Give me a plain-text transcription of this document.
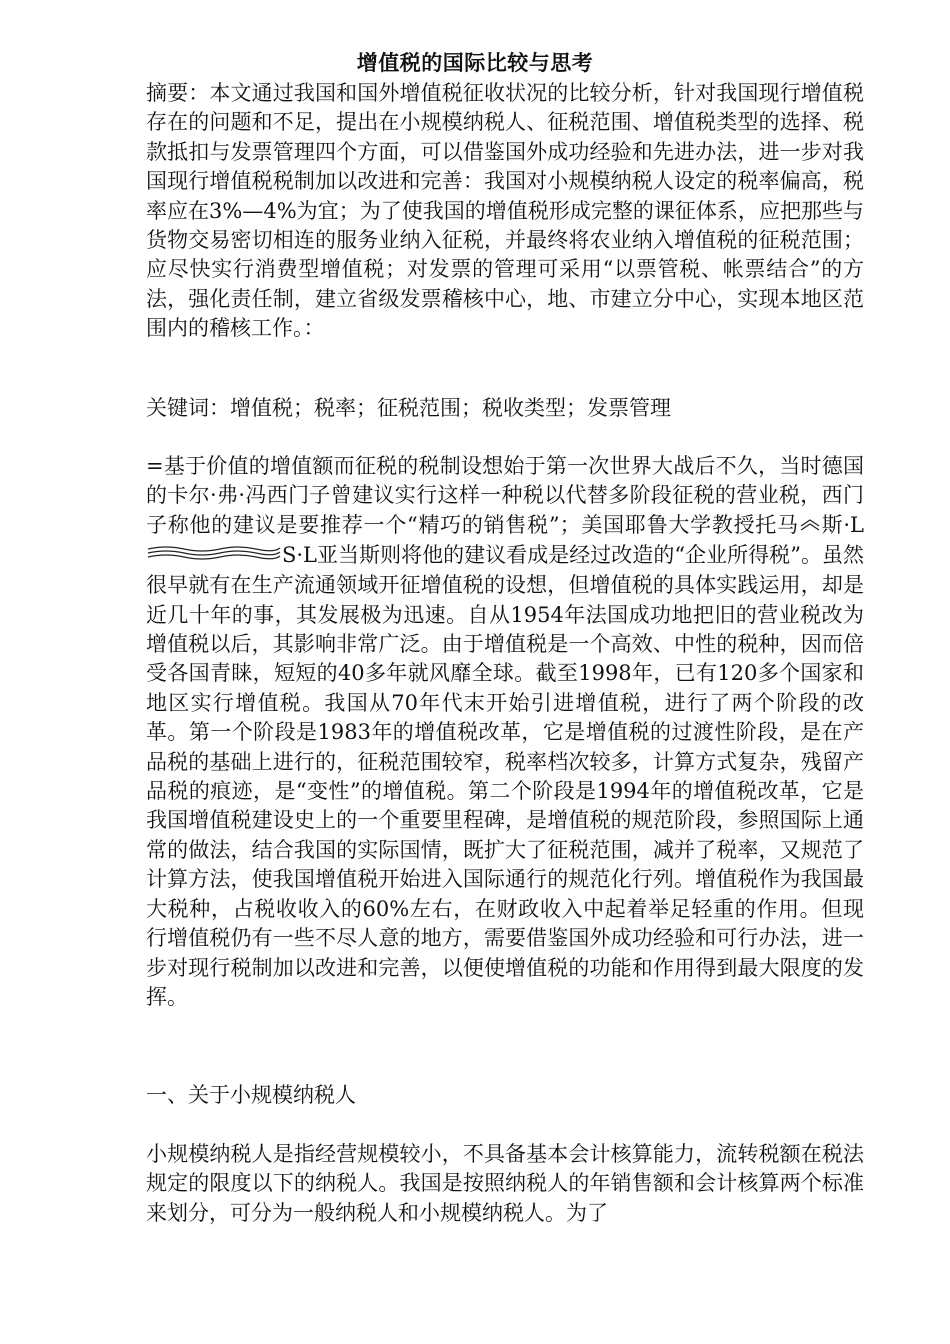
增值税的国际比较与思考

摘要：本文通过我国和国外增值税征收状况的比较分析，针对我国现行增值税存在的问题和不足，提出在小规模纳税人、征税范围、增值税类型的选择、税款抵扣与发票管理四个方面，可以借鉴国外成功经验和先进办法，进一步对我国现行增值税税制加以改进和完善：我国对小规模纳税人设定的税率偏高，税率应在3%—4%为宜；为了使我国的增值税形成完整的课征体系，应把那些与货物交易密切相连的服务业纳入征税，并最终将农业纳入增值税的征税范围；应尽快实行消费型增值税；对发票的管理可采用“以票管税、帐票结合”的方法，强化责任制，建立省级发票稽核中心，地、市建立分中心，实现本地区范围内的稽核工作。：

关键词：增值税；税率；征税范围；税收类型；发票管理

=基于价值的增值额而征税的税制设想始于第一次世界大战后不久，当时德国的卡尔·弗·冯西门子曾建议实行这样一种税以代替多阶段征税的营业税，西门子称他的建议是要推荐一个“精巧的销售税”；美国耶鲁大学教授托马 斯·LS·L亚当斯则将他的建议看成是经过改造的“企业所得税”。虽然很早就有在生产流通领域开征增值税的设想，但增值税的具体实践运用，却是近几十年的事，其发展极为迅速。自从1954年法国成功地把旧的营业税改为增值税以后，其影响非常广泛。由于增值税是一个高效、中性的税种，因而倍受各国青睐，短短的40多年就风靡全球。截至1998年，已有120多个国家和地区实行增值税。我国从70年代末开始引进增值税，进行了两个阶段的改革。第一个阶段是1983年的增值税改革，它是增值税的过渡性阶段，是在产品税的基础上进行的，征税范围较窄，税率档次较多，计算方式复杂，残留产品税的痕迹，是“变性”的增值税。第二个阶段是1994年的增值税改革，它是我国增值税建设史上的一个重要里程碑，是增值税的规范阶段，参照国际上通常的做法，结合我国的实际国情，既扩大了征税范围，减并了税率，又规范了计算方法，使我国增值税开始进入国际通行的规范化行列。增值税作为我国最大税种，占税收收入的60%左右，在财政收入中起着举足轻重的作用。但现行增值税仍有一些不尽人意的地方，需要借鉴国外成功经验和可行办法，进一步对现行税制加以改进和完善，以便使增值税的功能和作用得到最大限度的发挥。

一、关于小规模纳税人

小规模纳税人是指经营规模较小，不具备基本会计核算能力，流转税额在税法规定的限度以下的纳税人。我国是按照纳税人的年销售额和会计核算两个标准来划分，可分为一般纳税人和小规模纳税人。为了
